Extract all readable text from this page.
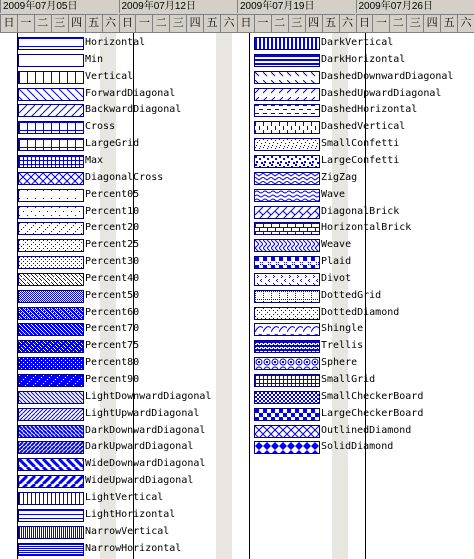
2009年07月05日
日 一 二 三 四 五 六
2009年07月12日
日 一 二 三 四 五 六
2009年07月19日
日 一 二 三 四 五 六
2009年07月26日
日 一 二 三 四 五 六
Horizontal
Min
Vertical
ForwardDiagonal
BackwardDiagonal
Cross
LargeGrid
Max
DiagonalCross
Percent05
Percent10
Percent20
Percent25
Percent30
Percent40
Percent50
Percent60
Percent70
Percent75
Percent80
Percent90
LightDownwardDiagonal
LightUpwardDiagonal
DarkDownwardDiagonal
DarkUpwardDiagonal
WideDownwardDiagonal
WideUpwardDiagonal
LightVertical
LightHorizontal
NarrowVertical
NarrowHorizontal
DarkVertical
DarkHorizontal
DashedDownwardDiagonal
DashedUpwardDiagonal
DashedHorizontal
DashedVertical
SmallConfetti
LargeConfetti
ZigZag
Wave
DiagonalBrick
HorizontalBrick
Weave
Plaid
Divot
DottedGrid
DottedDiamond
Shingle
Trellis
Sphere
SmallGrid
SmallCheckerBoard
LargeCheckerBoard
OutlinedDiamond
SolidDiamond
